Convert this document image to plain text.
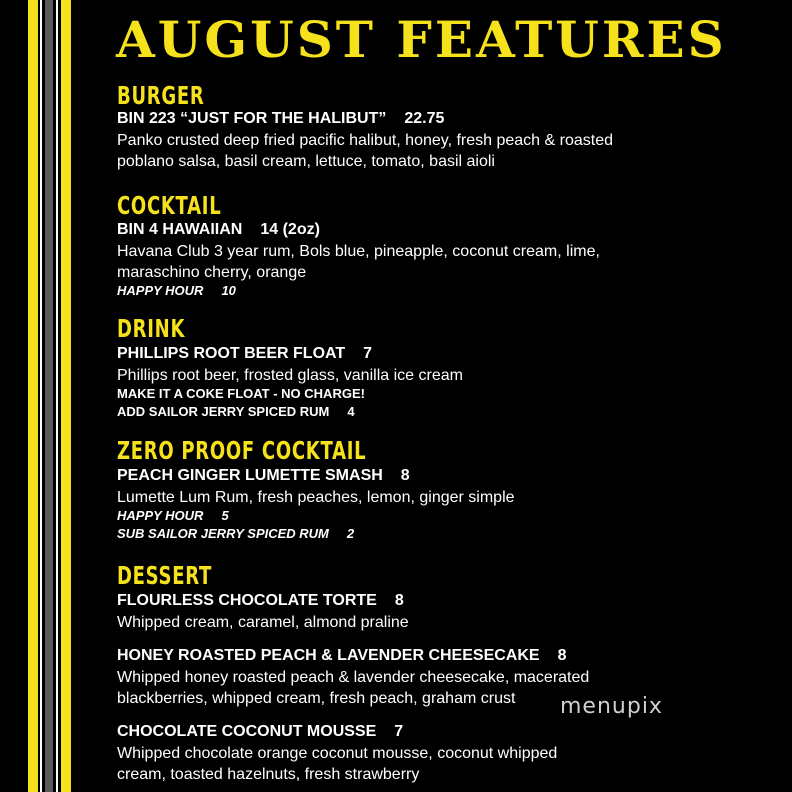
AUGUST FEATURES
BURGER
BIN 223 “JUST FOR THE HALIBUT” 22.75
Panko crusted deep fried pacific halibut, honey, fresh peach & roasted
poblano salsa, basil cream, lettuce, tomato, basil aioli
COCKTAIL
BIN 4 HAWAIIAN 14 (2oz)
Havana Club 3 year rum, Bols blue, pineapple, coconut cream, lime,
maraschino cherry, orange
HAPPY HOUR 10
DRINK
PHILLIPS ROOT BEER FLOAT 7
Phillips root beer, frosted glass, vanilla ice cream
MAKE IT A COKE FLOAT - NO CHARGE!
ADD SAILOR JERRY SPICED RUM 4
ZERO PROOF COCKTAIL
PEACH GINGER LUMETTE SMASH 8
Lumette Lum Rum, fresh peaches, lemon, ginger simple
HAPPY HOUR 5
SUB SAILOR JERRY SPICED RUM 2
DESSERT
FLOURLESS CHOCOLATE TORTE 8
Whipped cream, caramel, almond praline
HONEY ROASTED PEACH & LAVENDER CHEESECAKE 8
Whipped honey roasted peach & lavender cheesecake, macerated
blackberries, whipped cream, fresh peach, graham crust
CHOCOLATE COCONUT MOUSSE 7
Whipped chocolate orange coconut mousse, coconut whipped
cream, toasted hazelnuts, fresh strawberry
menupix
